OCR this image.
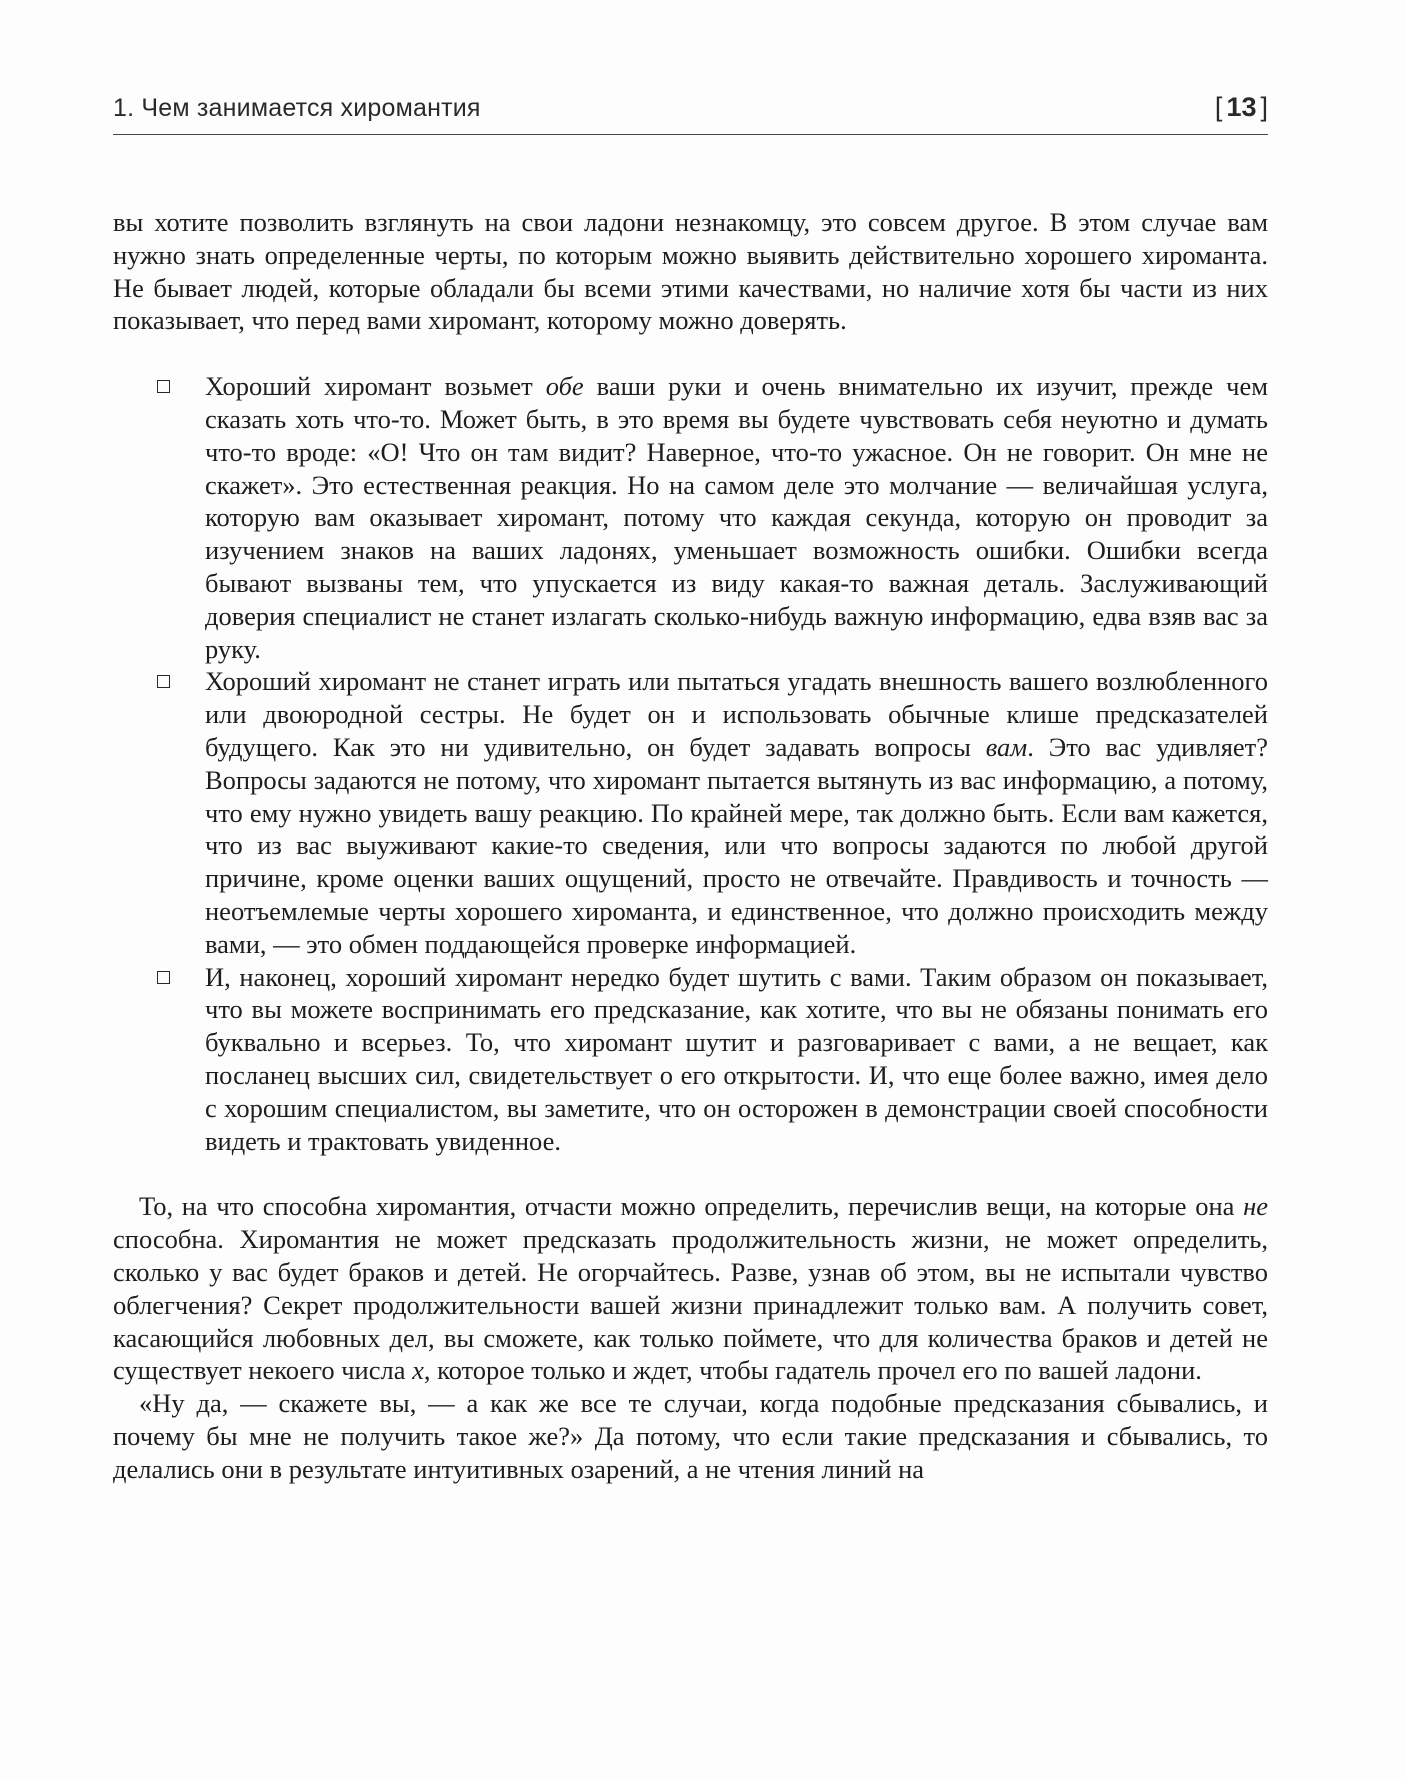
1. Чем занимается хиромантия	[ 13 ]

вы хотите позволить взглянуть на свои ладони незнакомцу, это совсем другое. В этом случае вам нужно знать определенные черты, по которым можно выявить действительно хорошего хироманта. Не бывает людей, которые обладали бы всеми этими качествами, но наличие хотя бы части из них показывает, что перед вами хиромант, которому можно доверять.

Хороший хиромант возьмет обе ваши руки и очень внимательно их изучит, прежде чем сказать хоть что-то. Может быть, в это время вы будете чувствовать себя неуютно и думать что-то вроде: «О! Что он там видит? Наверное, что-то ужасное. Он не говорит. Он мне не скажет». Это естественная реакция. Но на самом деле это молчание — величайшая услуга, которую вам оказывает хиромант, потому что каждая секунда, которую он проводит за изучением знаков на ваших ладонях, уменьшает возможность ошибки. Ошибки всегда бывают вызваны тем, что упускается из виду какая-то важная деталь. Заслуживающий доверия специалист не станет излагать сколько-нибудь важную информацию, едва взяв вас за руку.
Хороший хиромант не станет играть или пытаться угадать внешность вашего возлюбленного или двоюродной сестры. Не будет он и использовать обычные клише предсказателей будущего. Как это ни удивительно, он будет задавать вопросы вам. Это вас удивляет? Вопросы задаются не потому, что хиромант пытается вытянуть из вас информацию, а потому, что ему нужно увидеть вашу реакцию. По крайней мере, так должно быть. Если вам кажется, что из вас выуживают какие-то сведения, или что вопросы задаются по любой другой причине, кроме оценки ваших ощущений, просто не отвечайте. Правдивость и точность — неотъемлемые черты хорошего хироманта, и единственное, что должно происходить между вами, — это обмен поддающейся проверке информацией.
И, наконец, хороший хиромант нередко будет шутить с вами. Таким образом он показывает, что вы можете воспринимать его предсказание, как хотите, что вы не обязаны понимать его буквально и всерьез. То, что хиромант шутит и разговаривает с вами, а не вещает, как посланец высших сил, свидетельствует о его открытости. И, что еще более важно, имея дело с хорошим специалистом, вы заметите, что он осторожен в демонстрации своей способности видеть и трактовать увиденное.

То, на что способна хиромантия, отчасти можно определить, перечислив вещи, на которые она не способна. Хиромантия не может предсказать продолжительность жизни, не может определить, сколько у вас будет браков и детей. Не огорчайтесь. Разве, узнав об этом, вы не испытали чувство облегчения? Секрет продолжительности вашей жизни принадлежит только вам. А получить совет, касающийся любовных дел, вы сможете, как только поймете, что для количества браков и детей не существует некоего числа x, которое только и ждет, чтобы гадатель прочел его по вашей ладони.

«Ну да, — скажете вы, — а как же все те случаи, когда подобные предсказания сбывались, и почему бы мне не получить такое же?» Да потому, что если такие предсказания и сбывались, то делались они в результате интуитивных озарений, а не чтения линий на
